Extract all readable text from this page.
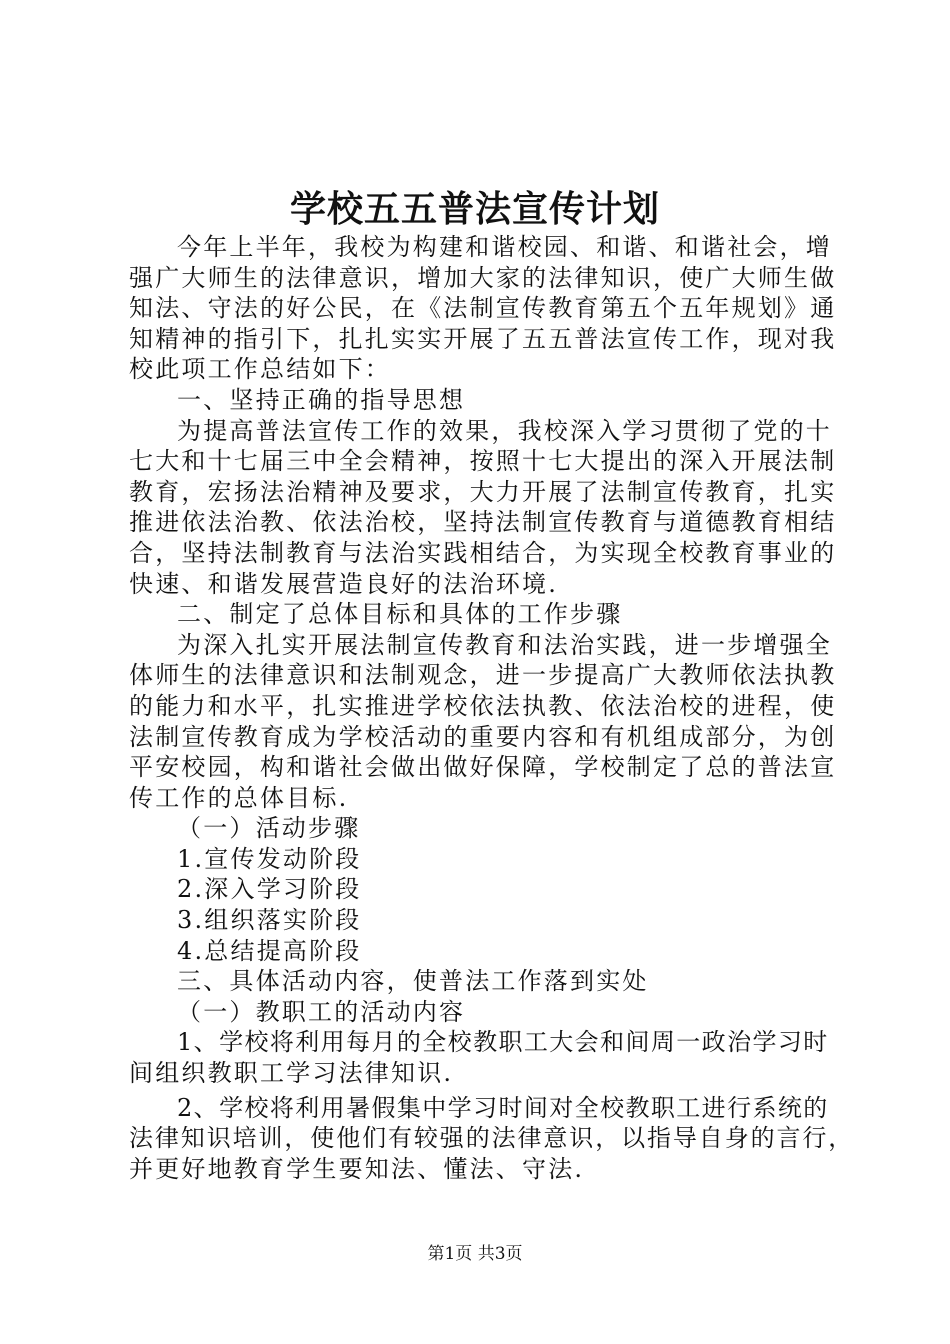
学校五五普法宣传计划
今年上半年，我校为构建和谐校园、和谐、和谐社会，增
强广大师生的法律意识，增加大家的法律知识，使广大师生做
知法、守法的好公民，在《法制宣传教育第五个五年规划》通
知精神的指引下，扎扎实实开展了五五普法宣传工作，现对我
校此项工作总结如下：
一、坚持正确的指导思想
为提高普法宣传工作的效果，我校深入学习贯彻了党的十
七大和十七届三中全会精神，按照十七大提出的深入开展法制
教育，宏扬法治精神及要求，大力开展了法制宣传教育，扎实
推进依法治教、依法治校，坚持法制宣传教育与道德教育相结
合，坚持法制教育与法治实践相结合，为实现全校教育事业的
快速、和谐发展营造良好的法治环境.
二、制定了总体目标和具体的工作步骤
为深入扎实开展法制宣传教育和法治实践，进一步增强全
体师生的法律意识和法制观念，进一步提高广大教师依法执教
的能力和水平，扎实推进学校依法执教、依法治校的进程，使
法制宣传教育成为学校活动的重要内容和有机组成部分，为创
平安校园，构和谐社会做出做好保障，学校制定了总的普法宣
传工作的总体目标.
（一）活动步骤
1.宣传发动阶段
2.深入学习阶段
3.组织落实阶段
4.总结提高阶段
三、具体活动内容，使普法工作落到实处
（一）教职工的活动内容
1、学校将利用每月的全校教职工大会和间周一政治学习时
间组织教职工学习法律知识.
2、学校将利用暑假集中学习时间对全校教职工进行系统的
法律知识培训，使他们有较强的法律意识，以指导自身的言行，
并更好地教育学生要知法、懂法、守法.
第1页 共3页
